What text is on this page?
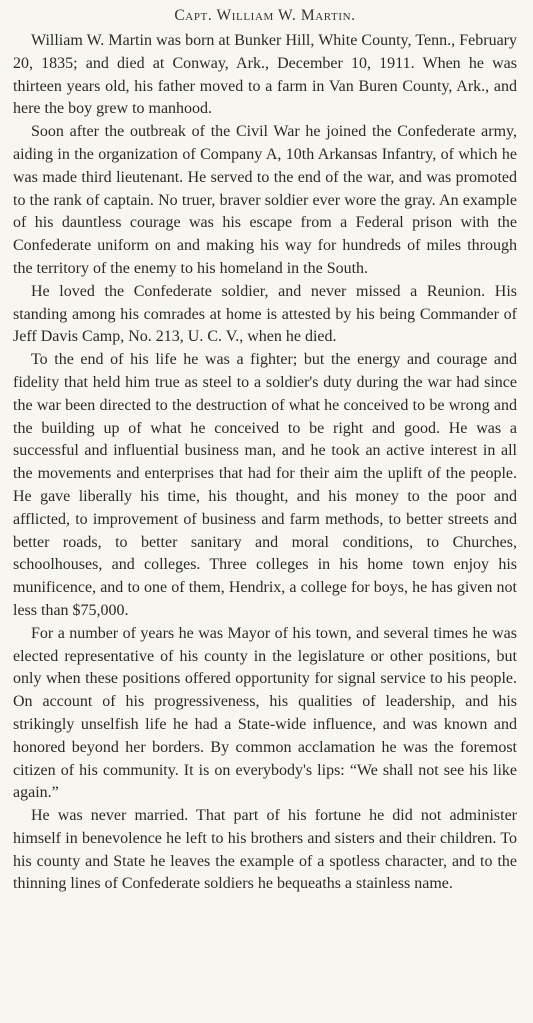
Capt. William W. Martin.

William W. Martin was born at Bunker Hill, White County, Tenn., February 20, 1835; and died at Conway, Ark., December 10, 1911. When he was thirteen years old, his father moved to a farm in Van Buren County, Ark., and here the boy grew to manhood.

Soon after the outbreak of the Civil War he joined the Confederate army, aiding in the organization of Company A, 10th Arkansas Infantry, of which he was made third lieutenant. He served to the end of the war, and was promoted to the rank of captain. No truer, braver soldier ever wore the gray. An example of his dauntless courage was his escape from a Federal prison with the Confederate uniform on and making his way for hundreds of miles through the territory of the enemy to his homeland in the South.

He loved the Confederate soldier, and never missed a Reunion. His standing among his comrades at home is attested by his being Commander of Jeff Davis Camp, No. 213, U. C. V., when he died.

To the end of his life he was a fighter; but the energy and courage and fidelity that held him true as steel to a soldier's duty during the war had since the war been directed to the destruction of what he conceived to be wrong and the building up of what he conceived to be right and good. He was a successful and influential business man, and he took an active interest in all the movements and enterprises that had for their aim the uplift of the people. He gave liberally his time, his thought, and his money to the poor and afflicted, to improvement of business and farm methods, to better streets and better roads, to better sanitary and moral conditions, to Churches, schoolhouses, and colleges. Three colleges in his home town enjoy his munificence, and to one of them, Hendrix, a college for boys, he has given not less than $75,000.

For a number of years he was Mayor of his town, and several times he was elected representative of his county in the legislature or other positions, but only when these positions offered opportunity for signal service to his people. On account of his progressiveness, his qualities of leadership, and his strikingly unselfish life he had a State-wide influence, and was known and honored beyond her borders. By common acclamation he was the foremost citizen of his community. It is on everybody's lips: “We shall not see his like again.”

He was never married. That part of his fortune he did not administer himself in benevolence he left to his brothers and sisters and their children. To his county and State he leaves the example of a spotless character, and to the thinning lines of Confederate soldiers he bequeaths a stainless name.
